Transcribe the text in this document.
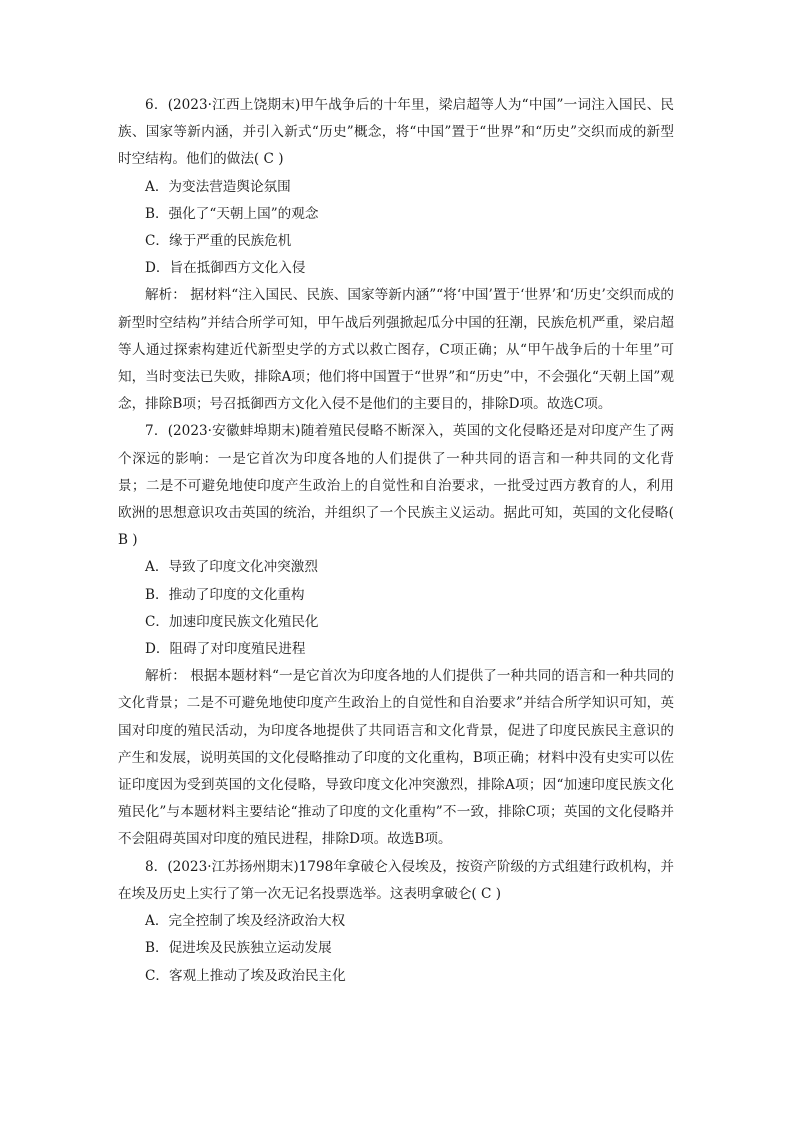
6．(2023·江西上饶期末)甲午战争后的十年里，梁启超等人为“中国”一词注入国民、民族、国家等新内涵，并引入新式“历史”概念，将“中国”置于“世界”和“历史”交织而成的新型时空结构。他们的做法( C )

A．为变法营造舆论氛围

B．强化了“天朝上国”的观念

C．缘于严重的民族危机

D．旨在抵御西方文化入侵

解析： 据材料“注入国民、民族、国家等新内涵”“将‘中国’置于‘世界’和‘历史’交织而成的新型时空结构”并结合所学可知，甲午战后列强掀起瓜分中国的狂潮，民族危机严重，梁启超等人通过探索构建近代新型史学的方式以救亡图存，C项正确；从“甲午战争后的十年里”可知，当时变法已失败，排除A项；他们将中国置于“世界”和“历史”中，不会强化“天朝上国”观念，排除B项；号召抵御西方文化入侵不是他们的主要目的，排除D项。故选C项。

7．(2023·安徽蚌埠期末)随着殖民侵略不断深入，英国的文化侵略还是对印度产生了两个深远的影响：一是它首次为印度各地的人们提供了一种共同的语言和一种共同的文化背景；二是不可避免地使印度产生政治上的自觉性和自治要求，一批受过西方教育的人，利用欧洲的思想意识攻击英国的统治，并组织了一个民族主义运动。据此可知，英国的文化侵略( B )

A．导致了印度文化冲突激烈

B．推动了印度的文化重构

C．加速印度民族文化殖民化

D．阻碍了对印度殖民进程

解析： 根据本题材料“一是它首次为印度各地的人们提供了一种共同的语言和一种共同的文化背景；二是不可避免地使印度产生政治上的自觉性和自治要求”并结合所学知识可知，英国对印度的殖民活动，为印度各地提供了共同语言和文化背景，促进了印度民族民主意识的产生和发展，说明英国的文化侵略推动了印度的文化重构，B项正确；材料中没有史实可以佐证印度因为受到英国的文化侵略，导致印度文化冲突激烈，排除A项；因“加速印度民族文化殖民化”与本题材料主要结论“推动了印度的文化重构”不一致，排除C项；英国的文化侵略并不会阻碍英国对印度的殖民进程，排除D项。故选B项。

8．(2023·江苏扬州期末)1798年拿破仑入侵埃及，按资产阶级的方式组建行政机构，并在埃及历史上实行了第一次无记名投票选举。这表明拿破仑( C )

A．完全控制了埃及经济政治大权

B．促进埃及民族独立运动发展

C．客观上推动了埃及政治民主化
